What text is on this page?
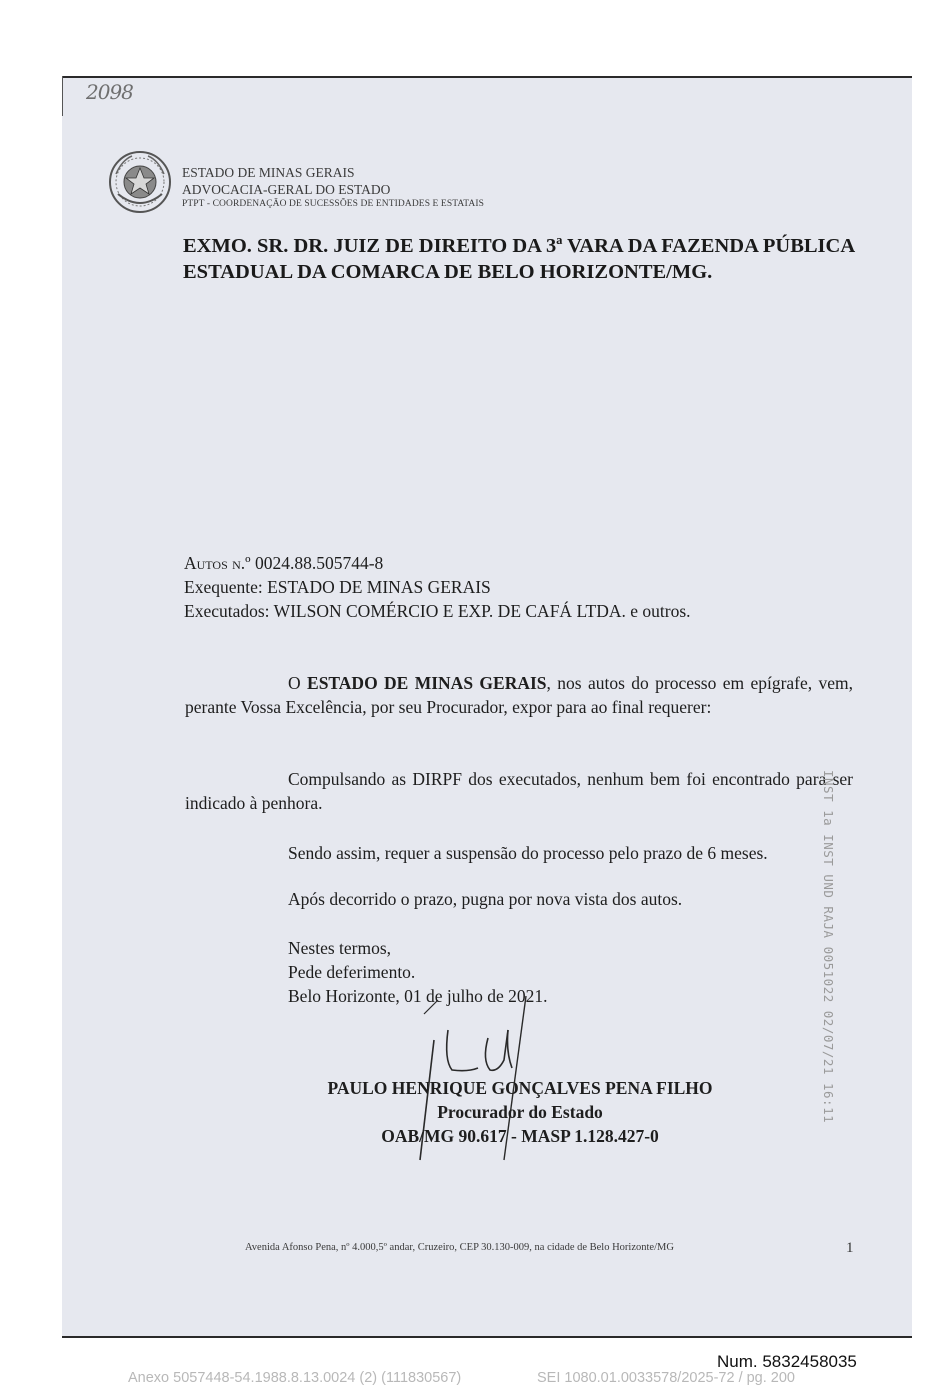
2098
ESTADO DE MINAS GERAIS
ADVOCACIA-GERAL DO ESTADO
PTPT - COORDENAÇÃO DE SUCESSÕES DE ENTIDADES E ESTATAIS
EXMO. SR. DR. JUIZ DE DIREITO DA 3ª VARA DA FAZENDA PÚBLICA
ESTADUAL DA COMARCA DE BELO HORIZONTE/MG.
Autos n.º 0024.88.505744-8
Exequente: ESTADO DE MINAS GERAIS
Executados: WILSON COMÉRCIO E EXP. DE CAFÁ LTDA. e outros.
O ESTADO DE MINAS GERAIS, nos autos do processo em epígrafe, vem, perante Vossa Excelência, por seu Procurador, expor para ao final requerer:
Compulsando as DIRPF dos executados, nenhum bem foi encontrado para ser indicado à penhora.
Sendo assim, requer a suspensão do processo pelo prazo de 6 meses.
Após decorrido o prazo, pugna por nova vista dos autos.
Nestes termos,
Pede deferimento.
Belo Horizonte, 01 de julho de 2021.
PAULO HENRIQUE GONÇALVES PENA FILHO
Procurador do Estado
OAB/MG 90.617 - MASP 1.128.427-0
INST 1a INST UND RAJA 0051022 02/07/21 16:11
Avenida Afonso Pena, nº 4.000,5º andar, Cruzeiro, CEP 30.130-009, na cidade de Belo Horizonte/MG	1
Num. 5832458035
Anexo 5057448-54.1988.8.13.0024 (2) (111830567)	SEI 1080.01.0033578/2025-72 / pg. 200
